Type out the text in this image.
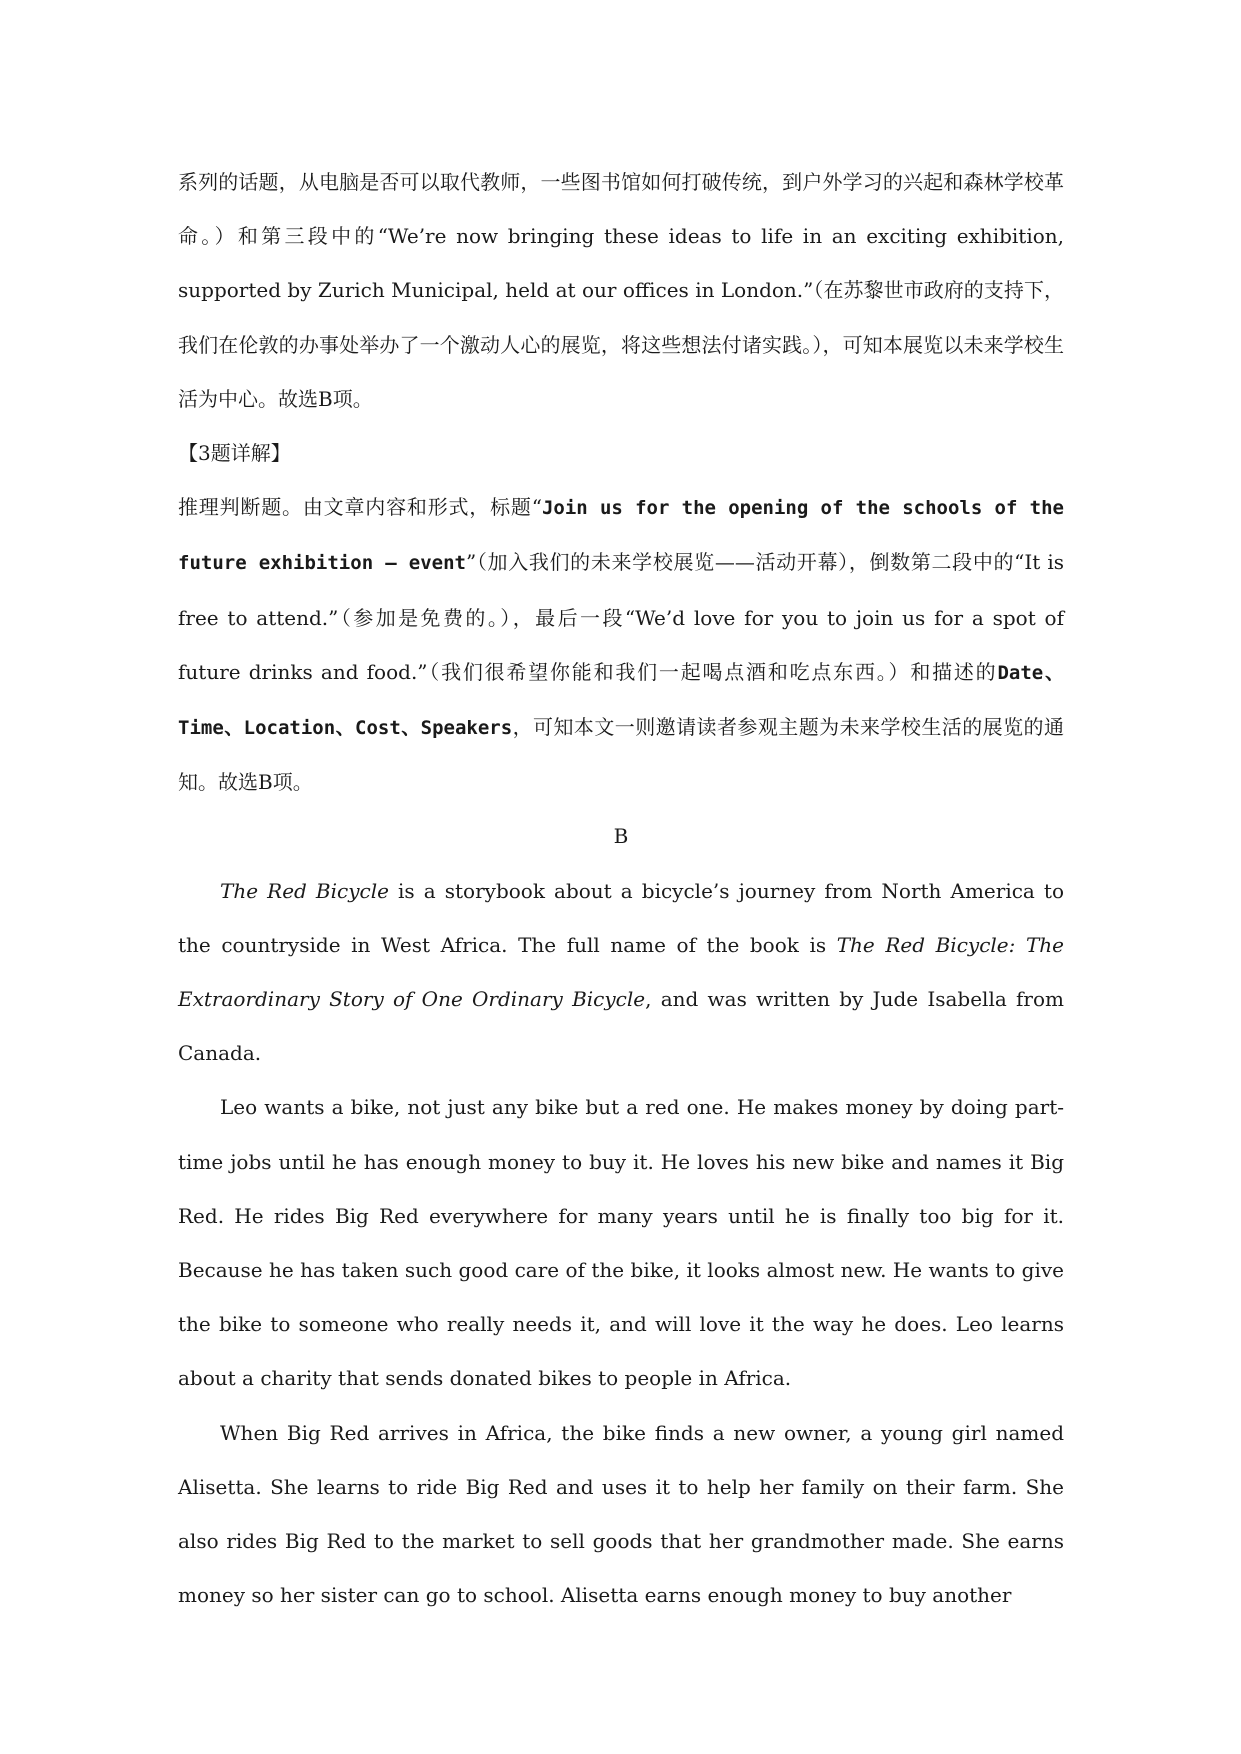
系列的话题，从电脑是否可以取代教师，一些图书馆如何打破传统，到户外学习的兴起和森林学校革命。）和第三段中的“We’re now bringing these ideas to life in an exciting exhibition, supported by Zurich Municipal, held at our offices in London.”（在苏黎世市政府的支持下，我们在伦敦的办事处举办了一个激动人心的展览，将这些想法付诸实践。），可知本展览以未来学校生活为中心。故选B项。

【3题详解】

推理判断题。由文章内容和形式，标题“Join us for the opening of the schools of the future exhibition — event”（加入我们的未来学校展览——活动开幕），倒数第二段中的“It is free to attend.”（参加是免费的。），最后一段“We’d love for you to join us for a spot of future drinks and food.”（我们很希望你能和我们一起喝点酒和吃点东西。）和描述的Date、Time、Location、Cost、Speakers，可知本文一则邀请读者参观主题为未来学校生活的展览的通知。故选B项。

B

The Red Bicycle is a storybook about a bicycle’s journey from North America to the countryside in West Africa. The full name of the book is The Red Bicycle: The Extraordinary Story of One Ordinary Bicycle, and was written by Jude Isabella from Canada.

Leo wants a bike, not just any bike but a red one. He makes money by doing part-time jobs until he has enough money to buy it. He loves his new bike and names it Big Red. He rides Big Red everywhere for many years until he is finally too big for it. Because he has taken such good care of the bike, it looks almost new. He wants to give the bike to someone who really needs it, and will love it the way he does. Leo learns about a charity that sends donated bikes to people in Africa.

When Big Red arrives in Africa, the bike finds a new owner, a young girl named Alisetta. She learns to ride Big Red and uses it to help her family on their farm. She also rides Big Red to the market to sell goods that her grandmother made. She earns money so her sister can go to school. Alisetta earns enough money to buy another
